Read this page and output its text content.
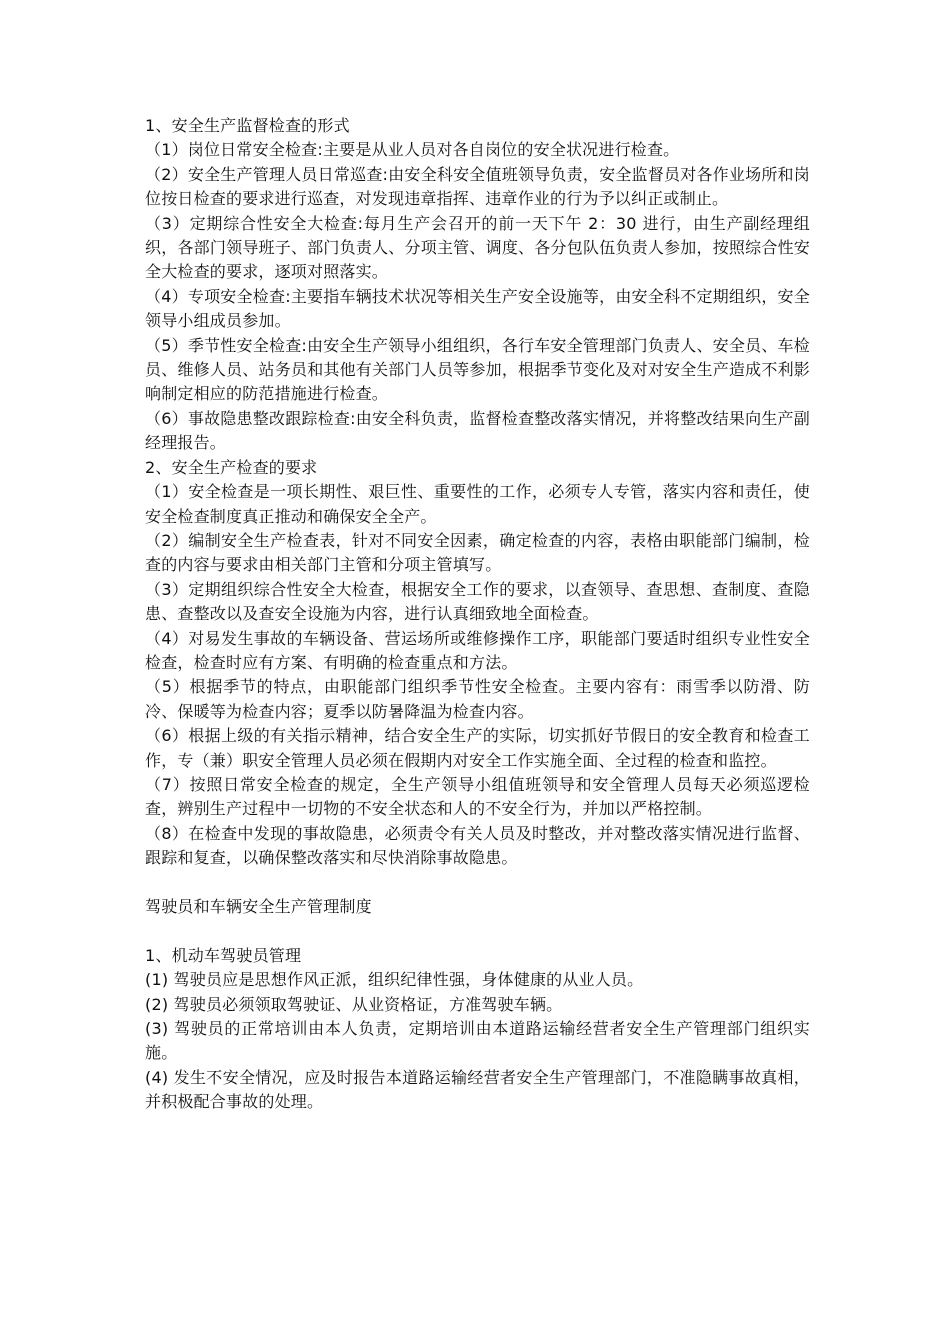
1、安全生产监督检查的形式

（1）岗位日常安全检查:主要是从业人员对各自岗位的安全状况进行检查。

（2）安全生产管理人员日常巡查:由安全科安全值班领导负责，安全监督员对各作业场所和岗位按日检查的要求进行巡查，对发现违章指挥、违章作业的行为予以纠正或制止。

（3）定期综合性安全大检查:每月生产会召开的前一天下午 2：30 进行，由生产副经理组织，各部门领导班子、部门负责人、分项主管、调度、各分包队伍负责人参加，按照综合性安全大检查的要求，逐项对照落实。

（4）专项安全检查:主要指车辆技术状况等相关生产安全设施等，由安全科不定期组织，安全领导小组成员参加。

（5）季节性安全检查:由安全生产领导小组组织，各行车安全管理部门负责人、安全员、车检员、维修人员、站务员和其他有关部门人员等参加，根据季节变化及对对安全生产造成不利影响制定相应的防范措施进行检查。

（6）事故隐患整改跟踪检查:由安全科负责，监督检查整改落实情况，并将整改结果向生产副经理报告。

2、安全生产检查的要求

（1）安全检查是一项长期性、艰巨性、重要性的工作，必须专人专管，落实内容和责任，使安全检查制度真正推动和确保安全全产。

（2）编制安全生产检查表，针对不同安全因素，确定检查的内容，表格由职能部门编制，检查的内容与要求由相关部门主管和分项主管填写。

（3）定期组织综合性安全大检查，根据安全工作的要求，以查领导、查思想、查制度、查隐患、查整改以及查安全设施为内容，进行认真细致地全面检查。

（4）对易发生事故的车辆设备、营运场所或维修操作工序，职能部门要适时组织专业性安全检查，检查时应有方案、有明确的检查重点和方法。

（5）根据季节的特点，由职能部门组织季节性安全检查。主要内容有：雨雪季以防滑、防冷、保暖等为检查内容；夏季以防暑降温为检查内容。

（6）根据上级的有关指示精神，结合安全生产的实际，切实抓好节假日的安全教育和检查工作，专（兼）职安全管理人员必须在假期内对安全工作实施全面、全过程的检查和监控。

（7）按照日常安全检查的规定，全生产领导小组值班领导和安全管理人员每天必须巡逻检查，辨别生产过程中一切物的不安全状态和人的不安全行为，并加以严格控制。

（8）在检查中发现的事故隐患，必须责令有关人员及时整改，并对整改落实情况进行监督、跟踪和复查，以确保整改落实和尽快消除事故隐患。

驾驶员和车辆安全生产管理制度

1、机动车驾驶员管理

(1) 驾驶员应是思想作风正派，组织纪律性强，身体健康的从业人员。

(2) 驾驶员必须领取驾驶证、从业资格证，方准驾驶车辆。

(3) 驾驶员的正常培训由本人负责，定期培训由本道路运输经营者安全生产管理部门组织实施。

(4) 发生不安全情况，应及时报告本道路运输经营者安全生产管理部门，不准隐瞒事故真相，并积极配合事故的处理。
